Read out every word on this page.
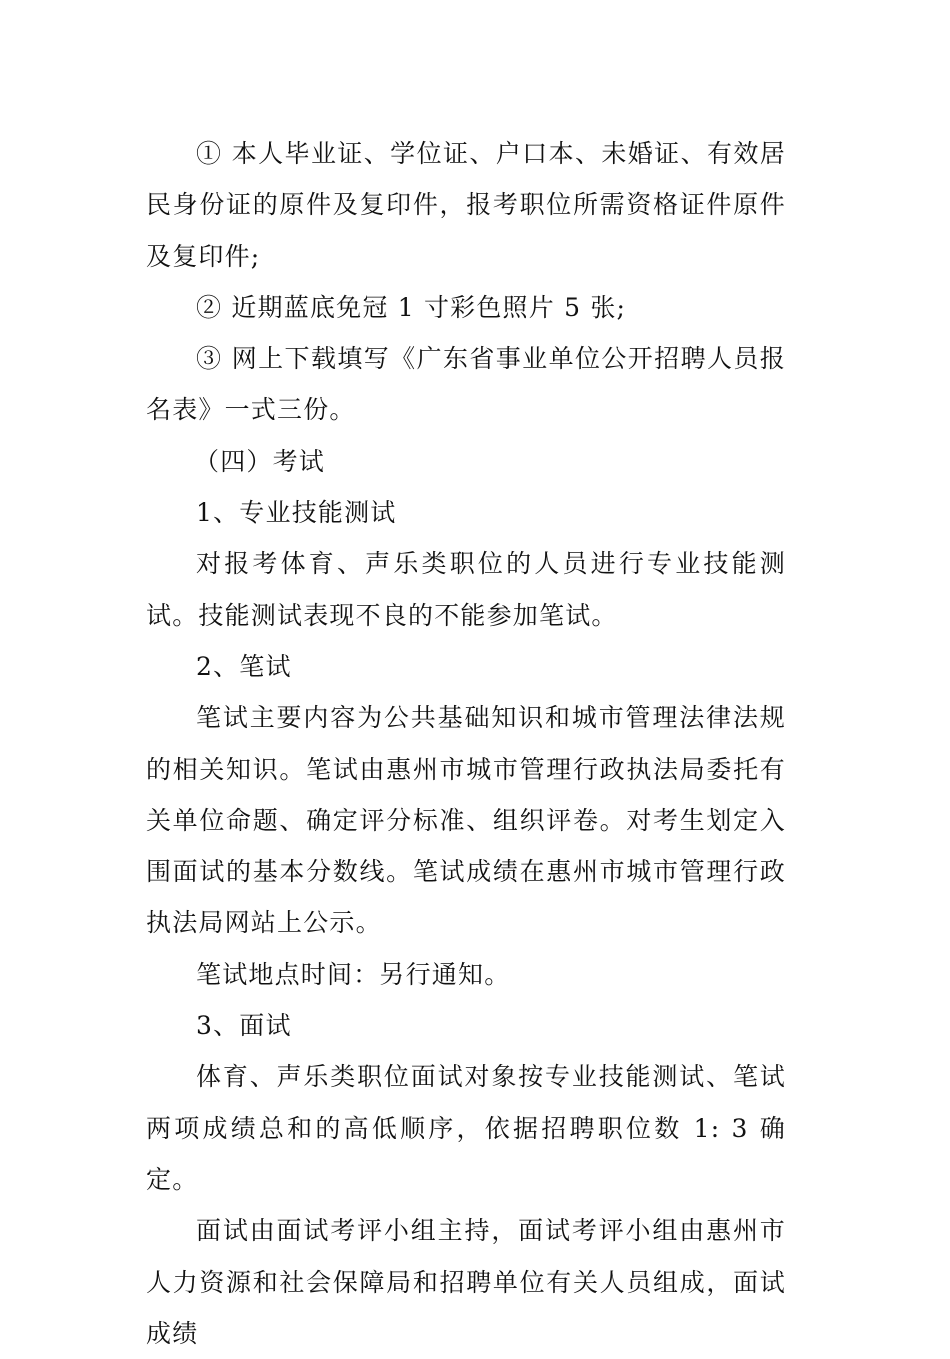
① 本人毕业证、学位证、户口本、未婚证、有效居民身份证的原件及复印件，报考职位所需资格证件原件及复印件;

② 近期蓝底免冠 1 寸彩色照片 5 张;

③ 网上下载填写《广东省事业单位公开招聘人员报名表》一式三份。

（四）考试

1、专业技能测试

对报考体育、声乐类职位的人员进行专业技能测试。技能测试表现不良的不能参加笔试。

2、笔试

笔试主要内容为公共基础知识和城市管理法律法规的相关知识。笔试由惠州市城市管理行政执法局委托有关单位命题、确定评分标准、组织评卷。对考生划定入围面试的基本分数线。笔试成绩在惠州市城市管理行政执法局网站上公示。

笔试地点时间：另行通知。

3、面试

体育、声乐类职位面试对象按专业技能测试、笔试两项成绩总和的高低顺序，依据招聘职位数 1: 3 确定。

面试由面试考评小组主持，面试考评小组由惠州市人力资源和社会保障局和招聘单位有关人员组成，面试成绩
